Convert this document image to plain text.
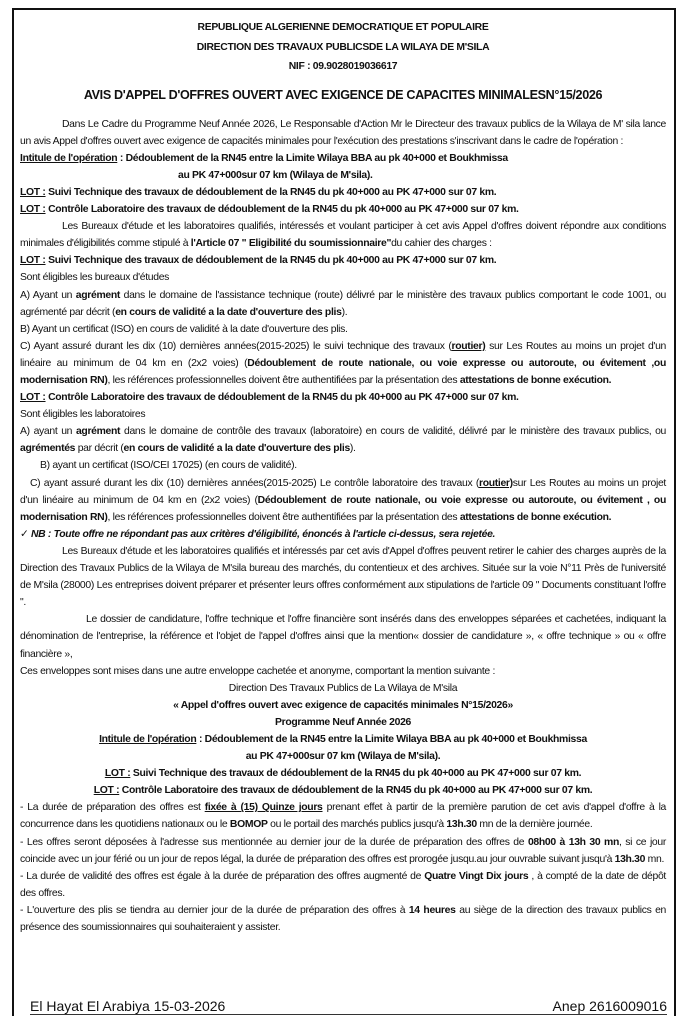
REPUBLIQUE ALGERIENNE DEMOCRATIQUE ET POPULAIRE
DIRECTION DES TRAVAUX PUBLICSDE LA WILAYA DE M'SILA
NIF : 09.9028019036617
AVIS D'APPEL D'OFFRES OUVERT AVEC EXIGENCE DE CAPACITES MINIMALESN°15/2026

Dans Le Cadre du Programme Neuf Année 2026, Le Responsable d'Action Mr le Directeur des travaux publics de la Wilaya de M' sila lance un avis Appel d'offres ouvert avec exigence de capacités minimales pour l'exécution des prestations s'inscrivant dans le cadre de l'opération :

Intitule de l'opération : Dédoublement de la RN45 entre la Limite Wilaya BBA au pk 40+000 et Boukhmissa

au PK 47+000sur 07 km (Wilaya de M'sila).

LOT : Suivi Technique des travaux de dédoublement de la RN45 du pk 40+000 au PK 47+000 sur 07 km.

LOT : Contrôle Laboratoire des travaux de dédoublement de la RN45 du pk 40+000 au PK 47+000 sur 07 km.

Les Bureaux d'étude et les laboratoires qualifiés, intéressés et voulant participer à cet avis Appel d'offres doivent répondre aux conditions minimales d'éligibilités comme stipulé à l'Article 07 " Eligibilité du soumissionnaire"du cahier des charges :

LOT : Suivi Technique des travaux de dédoublement de la RN45 du pk 40+000 au PK 47+000 sur 07 km.

Sont éligibles les bureaux d'études

A) Ayant un agrément dans le domaine de l'assistance technique (route) délivré par le ministère des travaux publics comportant le code 1001, ou agrémenté par décrit (en cours de validité a la date d'ouverture des plis).

B) Ayant un certificat (ISO) en cours de validité à la date d'ouverture des plis.

C) Ayant assuré durant les dix (10) dernières années(2015-2025) le suivi technique des travaux (routier) sur Les Routes au moins un projet d'un linéaire au minimum de 04 km en (2x2 voies) (Dédoublement de route nationale, ou voie expresse ou autoroute, ou évitement ,ou modernisation RN), les références professionnelles doivent être authentifiées par la présentation des attestations de bonne exécution.

LOT : Contrôle Laboratoire des travaux de dédoublement de la RN45 du pk 40+000 au PK 47+000 sur 07 km.

Sont éligibles les laboratoires

A) ayant un agrément dans le domaine de contrôle des travaux (laboratoire) en cours de validité, délivré par le ministère des travaux publics, ou agrémentés par décrit (en cours de validité a la date d'ouverture des plis).

B) ayant un certificat (ISO/CEI 17025) (en cours de validité).

C) ayant assuré durant les dix (10) dernières années(2015-2025) Le contrôle laboratoire des travaux (routier)sur Les Routes au moins un projet d'un linéaire au minimum de 04 km en (2x2 voies) (Dédoublement de route nationale, ou voie expresse ou autoroute, ou évitement , ou modernisation RN), les références professionnelles doivent être authentifiées par la présentation des attestations de bonne exécution.

✓ NB : Toute offre ne répondant pas aux critères d'éligibilité, énoncés à l'article ci-dessus, sera rejetée.

Les Bureaux d'étude et les laboratoires qualifiés et intéressés par cet avis d'Appel d'offres peuvent retirer le cahier des charges auprès de la Direction des Travaux Publics de la Wilaya de M'sila bureau des marchés, du contentieux et des archives. Située sur la voie N°11 Près de l'université de M'sila (28000) Les entreprises doivent préparer et présenter leurs offres conformément aux stipulations de l'article 09 " Documents constituant l'offre ".

Le dossier de candidature, l'offre technique et l'offre financière sont insérés dans des enveloppes séparées et cachetées, indiquant la dénomination de l'entreprise, la référence et l'objet de l'appel d'offres ainsi que la mention« dossier de candidature », « offre technique » ou « offre financière »,

Ces enveloppes sont mises dans une autre enveloppe cachetée et anonyme, comportant la mention suivante :

Direction Des Travaux Publics de La Wilaya de M'sila

« Appel d'offres ouvert avec exigence de capacités minimales N°15/2026»

Programme Neuf Année 2026

Intitule de l'opération : Dédoublement de la RN45 entre la Limite Wilaya BBA au pk 40+000 et Boukhmissa

au PK 47+000sur 07 km (Wilaya de M'sila).

LOT : Suivi Technique des travaux de dédoublement de la RN45 du pk 40+000 au PK 47+000 sur 07 km.

LOT : Contrôle Laboratoire des travaux de dédoublement de la RN45 du pk 40+000 au PK 47+000 sur 07 km.

- La durée de préparation des offres est fixée à (15) Quinze jours prenant effet à partir de la première parution de cet avis d'appel d'offre à la concurrence dans les quotidiens nationaux ou le BOMOP ou le portail des marchés publics jusqu'à 13h.30 mn de la dernière journée.

- Les offres seront déposées à l'adresse sus mentionnée au dernier jour de la durée de préparation des offres de 08h00 à 13h 30 mn, si ce jour coincide avec un jour férié ou un jour de repos légal, la durée de préparation des offres est prorogée jusqu.au jour ouvrable suivant jusqu'à 13h.30 mn.

- La durée de validité des offres est égale à la durée de préparation des offres augmenté de Quatre Vingt Dix jours , à compté de la date de dépôt des offres.

- L'ouverture des plis se tiendra au dernier jour de la durée de préparation des offres à 14 heures au siège de la direction des travaux publics en présence des soumissionnaires qui souhaiteraient y assister.

El Hayat El Arabiya 15-03-2026	Anep 2616009016
